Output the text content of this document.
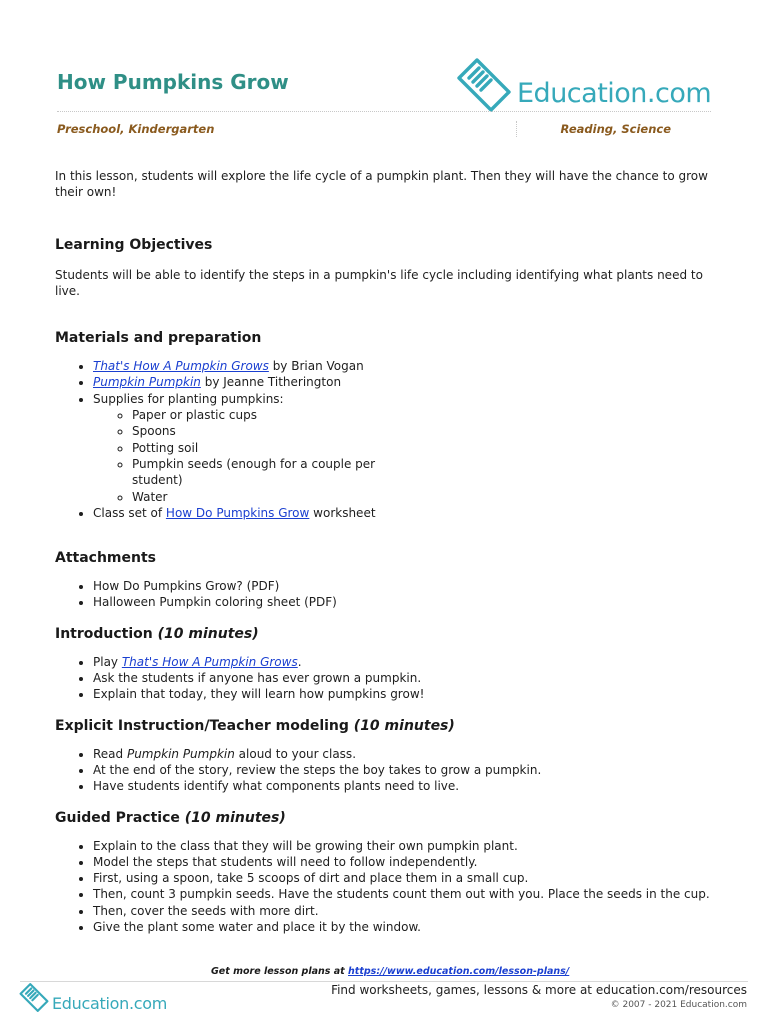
How Pumpkins Grow	Education.com
Preschool, Kindergarten	Reading, Science

In this lesson, students will explore the life cycle of a pumpkin plant. Then they will have the chance to grow their own!

Learning Objectives

Students will be able to identify the steps in a pumpkin's life cycle including identifying what plants need to live.

Materials and preparation
• That's How A Pumpkin Grows by Brian Vogan
• Pumpkin Pumpkin by Jeanne Titherington
• Supplies for planting pumpkins:
◦ Paper or plastic cups
◦ Spoons
◦ Potting soil
◦ Pumpkin seeds (enough for a couple per student)
◦ Water
• Class set of How Do Pumpkins Grow worksheet
Attachments
• How Do Pumpkins Grow? (PDF)
• Halloween Pumpkin coloring sheet (PDF)
Introduction (10 minutes)
• Play That's How A Pumpkin Grows.
• Ask the students if anyone has ever grown a pumpkin.
• Explain that today, they will learn how pumpkins grow!
Explicit Instruction/Teacher modeling (10 minutes)
• Read Pumpkin Pumpkin aloud to your class.
• At the end of the story, review the steps the boy takes to grow a pumpkin.
• Have students identify what components plants need to live.
Guided Practice (10 minutes)
• Explain to the class that they will be growing their own pumpkin plant.
• Model the steps that students will need to follow independently.
• First, using a spoon, take 5 scoops of dirt and place them in a small cup.
• Then, count 3 pumpkin seeds. Have the students count them out with you. Place the seeds in the cup.
• Then, cover the seeds with more dirt.
• Give the plant some water and place it by the window.
Get more lesson plans at https://www.education.com/lesson-plans/
Education.com
Find worksheets, games, lessons & more at education.com/resources
© 2007 - 2021 Education.com
